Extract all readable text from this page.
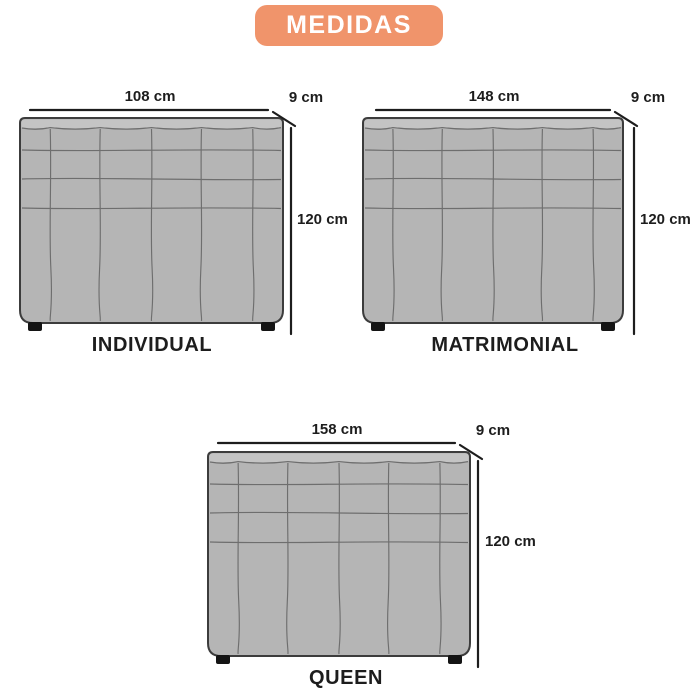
MEDIDAS
108 cm	9 cm
120 cm
INDIVIDUAL
148 cm	9 cm
120 cm
MATRIMONIAL
158 cm	9 cm
120 cm
QUEEN
